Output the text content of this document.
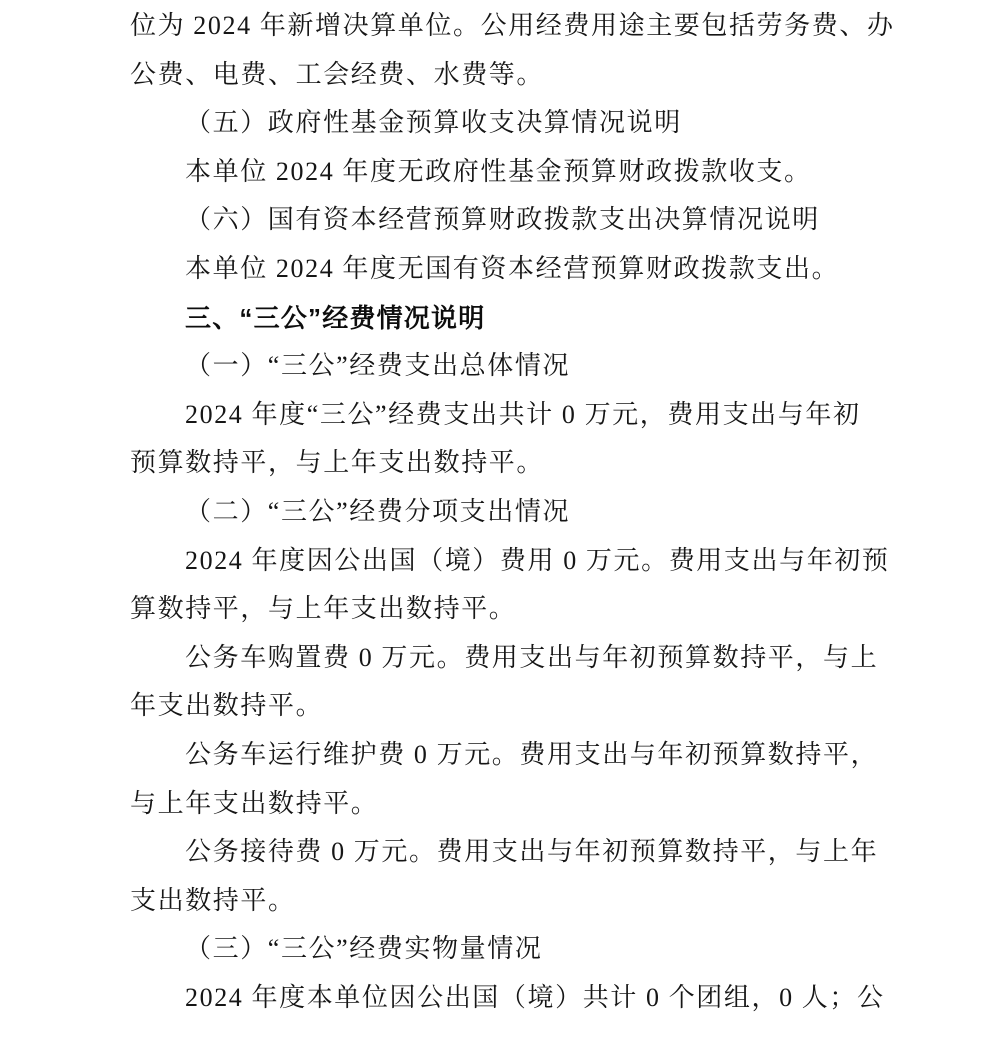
位为 2024 年新增决算单位。公用经费用途主要包括劳务费、办
公费、电费、工会经费、水费等。
（五）政府性基金预算收支决算情况说明
本单位 2024 年度无政府性基金预算财政拨款收支。
（六）国有资本经营预算财政拨款支出决算情况说明
本单位 2024 年度无国有资本经营预算财政拨款支出。
三、“三公”经费情况说明
（一）“三公”经费支出总体情况
2024 年度“三公”经费支出共计 0 万元，费用支出与年初
预算数持平，与上年支出数持平。
（二）“三公”经费分项支出情况
2024 年度因公出国（境）费用 0 万元。费用支出与年初预
算数持平，与上年支出数持平。
公务车购置费 0 万元。费用支出与年初预算数持平，与上
年支出数持平。
公务车运行维护费 0 万元。费用支出与年初预算数持平，
与上年支出数持平。
公务接待费 0 万元。费用支出与年初预算数持平，与上年
支出数持平。
（三）“三公”经费实物量情况
2024 年度本单位因公出国（境）共计 0 个团组，0 人；公
